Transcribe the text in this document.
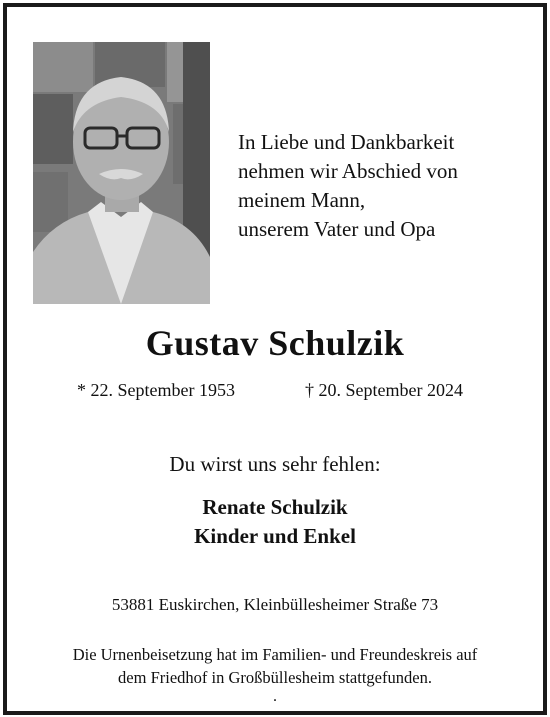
In Liebe und Dankbarkeit
nehmen wir Abschied von
meinem Mann,
unserem Vater und Opa
Gustav Schulzik
* 22. September 1953	† 20. September 2024
Du wirst uns sehr fehlen:
Renate Schulzik
Kinder und Enkel
53881 Euskirchen, Kleinbüllesheimer Straße 73
Die Urnenbeisetzung hat im Familien- und Freundeskreis auf
dem Friedhof in Großbüllesheim stattgefunden.
.
